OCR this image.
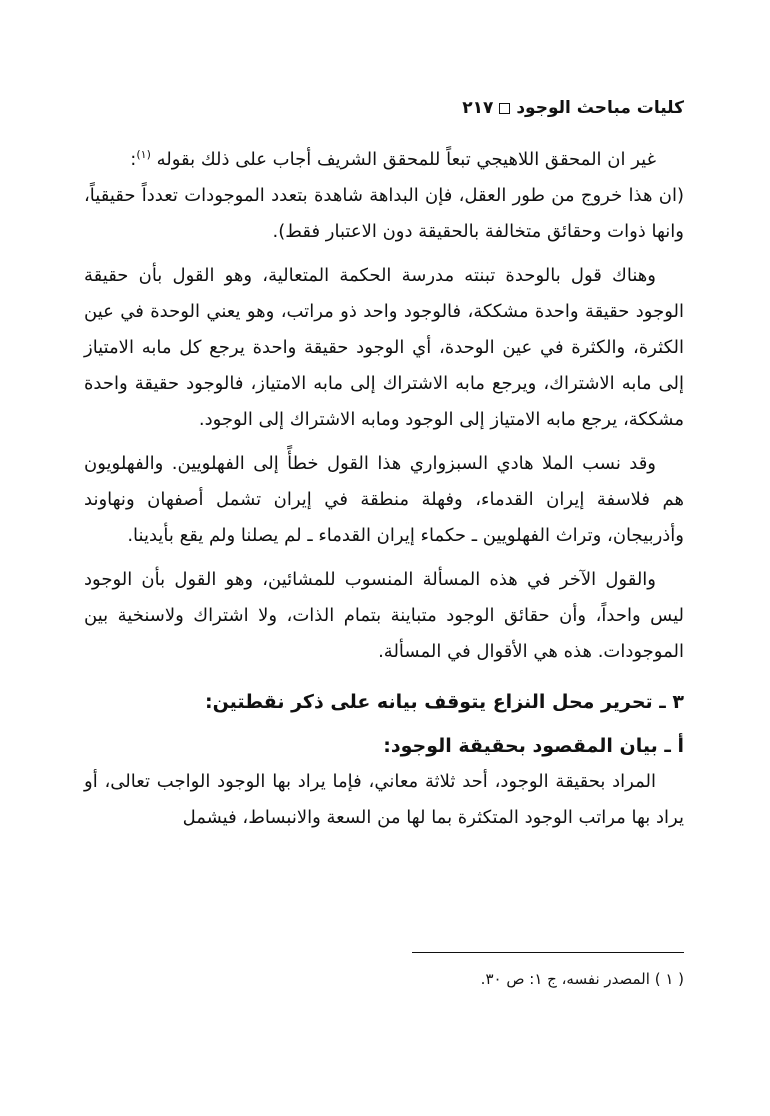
كليات مباحث الوجود
٢١٧

غير ان المحقق اللاهيجي تبعاً للمحقق الشريف أجاب على ذلك بقوله $^{(١)}$:

(ان هذا خروج من طور العقل، فإن البداهة شاهدة بتعدد الموجودات تعدداً حقيقياً، وانها ذوات وحقائق متخالفة بالحقيقة دون الاعتبار فقط).

وهناك قول بالوحدة تبنته مدرسة الحكمة المتعالية، وهو القول بأن حقيقة الوجود حقيقة واحدة مشككة، فالوجود واحد ذو مراتب، وهو يعني الوحدة في عين الكثرة، والكثرة في عين الوحدة، أي الوجود حقيقة واحدة يرجع كل مابه الامتياز إلى مابه الاشتراك، ويرجع مابه الاشتراك إلى مابه الامتياز، فالوجود حقيقة واحدة مشككة، يرجع مابه الامتياز إلى الوجود ومابه الاشتراك إلى الوجود.

وقد نسب الملا هادي السبزواري هذا القول خطأً إلى الفهلويين. والفهلويون هم فلاسفة إيران القدماء، وفهلة منطقة في إيران تشمل أصفهان ونهاوند وأذربيجان، وتراث الفهلويين ـ حكماء إيران القدماء ـ لم يصلنا ولم يقع بأيدينا.

والقول الآخر في هذه المسألة المنسوب للمشائين، وهو القول بأن الوجود ليس واحداً، وأن حقائق الوجود متباينة بتمام الذات، ولا اشتراك ولاسنخية بين الموجودات. هذه هي الأقوال في المسألة.

٣ ـ تحرير محل النزاع يتوقف بيانه على ذكر نقطتين:

أ ـ بيان المقصود بحقيقة الوجود:

المراد بحقيقة الوجود، أحد ثلاثة معاني، فإما يراد بها الوجود الواجب تعالى، أو يراد بها مراتب الوجود المتكثرة بما لها من السعة والانبساط، فيشمل

( ١ ) المصدر نفسه، ج ١: ص ٣٠.
